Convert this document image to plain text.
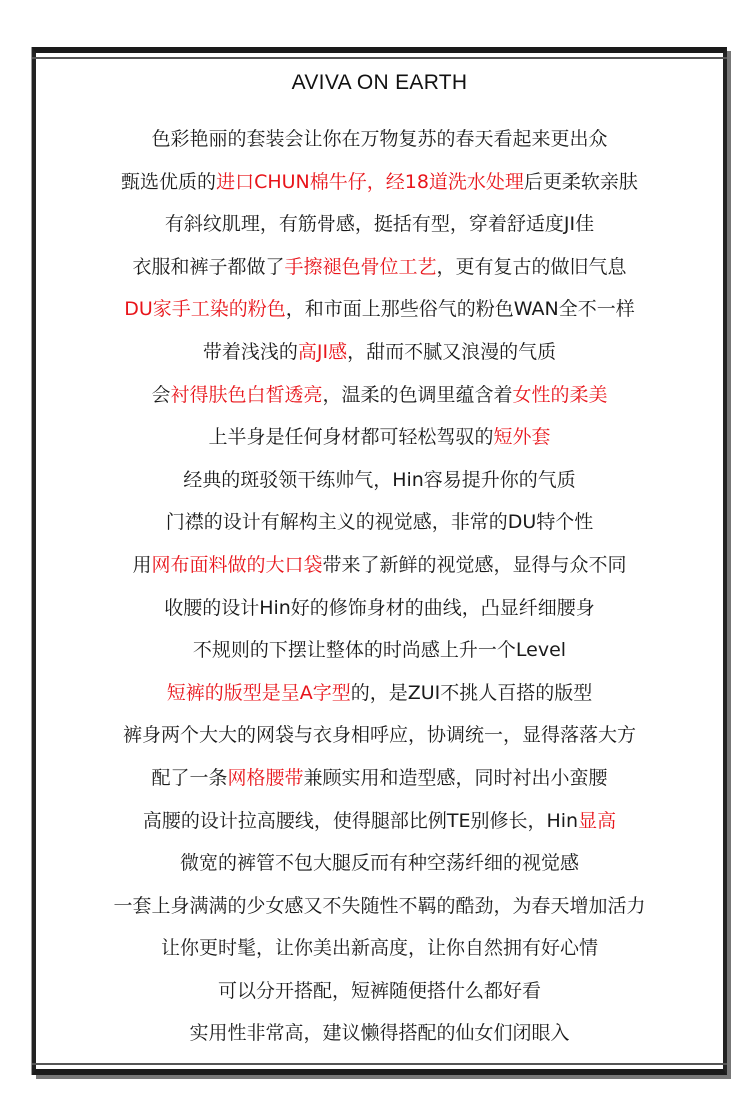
AVIVA ON EARTH
色彩艳丽的套装会让你在万物复苏的春天看起来更出众
甄选优质的进口CHUN棉牛仔，经18道洗水处理后更柔软亲肤
有斜纹肌理，有筋骨感，挺括有型，穿着舒适度JI佳
衣服和裤子都做了手擦褪色骨位工艺，更有复古的做旧气息
DU家手工染的粉色，和市面上那些俗气的粉色WAN全不一样
带着浅浅的高JI感，甜而不腻又浪漫的气质
会衬得肤色白皙透亮，温柔的色调里蕴含着女性的柔美
上半身是任何身材都可轻松驾驭的短外套
经典的斑驳领干练帅气，Hin容易提升你的气质
门襟的设计有解构主义的视觉感，非常的DU特个性
用网布面料做的大口袋带来了新鲜的视觉感，显得与众不同
收腰的设计Hin好的修饰身材的曲线，凸显纤细腰身
不规则的下摆让整体的时尚感上升一个Level
短裤的版型是呈A字型的，是ZUI不挑人百搭的版型
裤身两个大大的网袋与衣身相呼应，协调统一，显得落落大方
配了一条网格腰带兼顾实用和造型感，同时衬出小蛮腰
高腰的设计拉高腰线，使得腿部比例TE别修长，Hin显高
微宽的裤管不包大腿反而有种空荡纤细的视觉感
一套上身满满的少女感又不失随性不羁的酷劲，为春天增加活力
让你更时髦，让你美出新高度，让你自然拥有好心情
可以分开搭配，短裤随便搭什么都好看
实用性非常高，建议懒得搭配的仙女们闭眼入
